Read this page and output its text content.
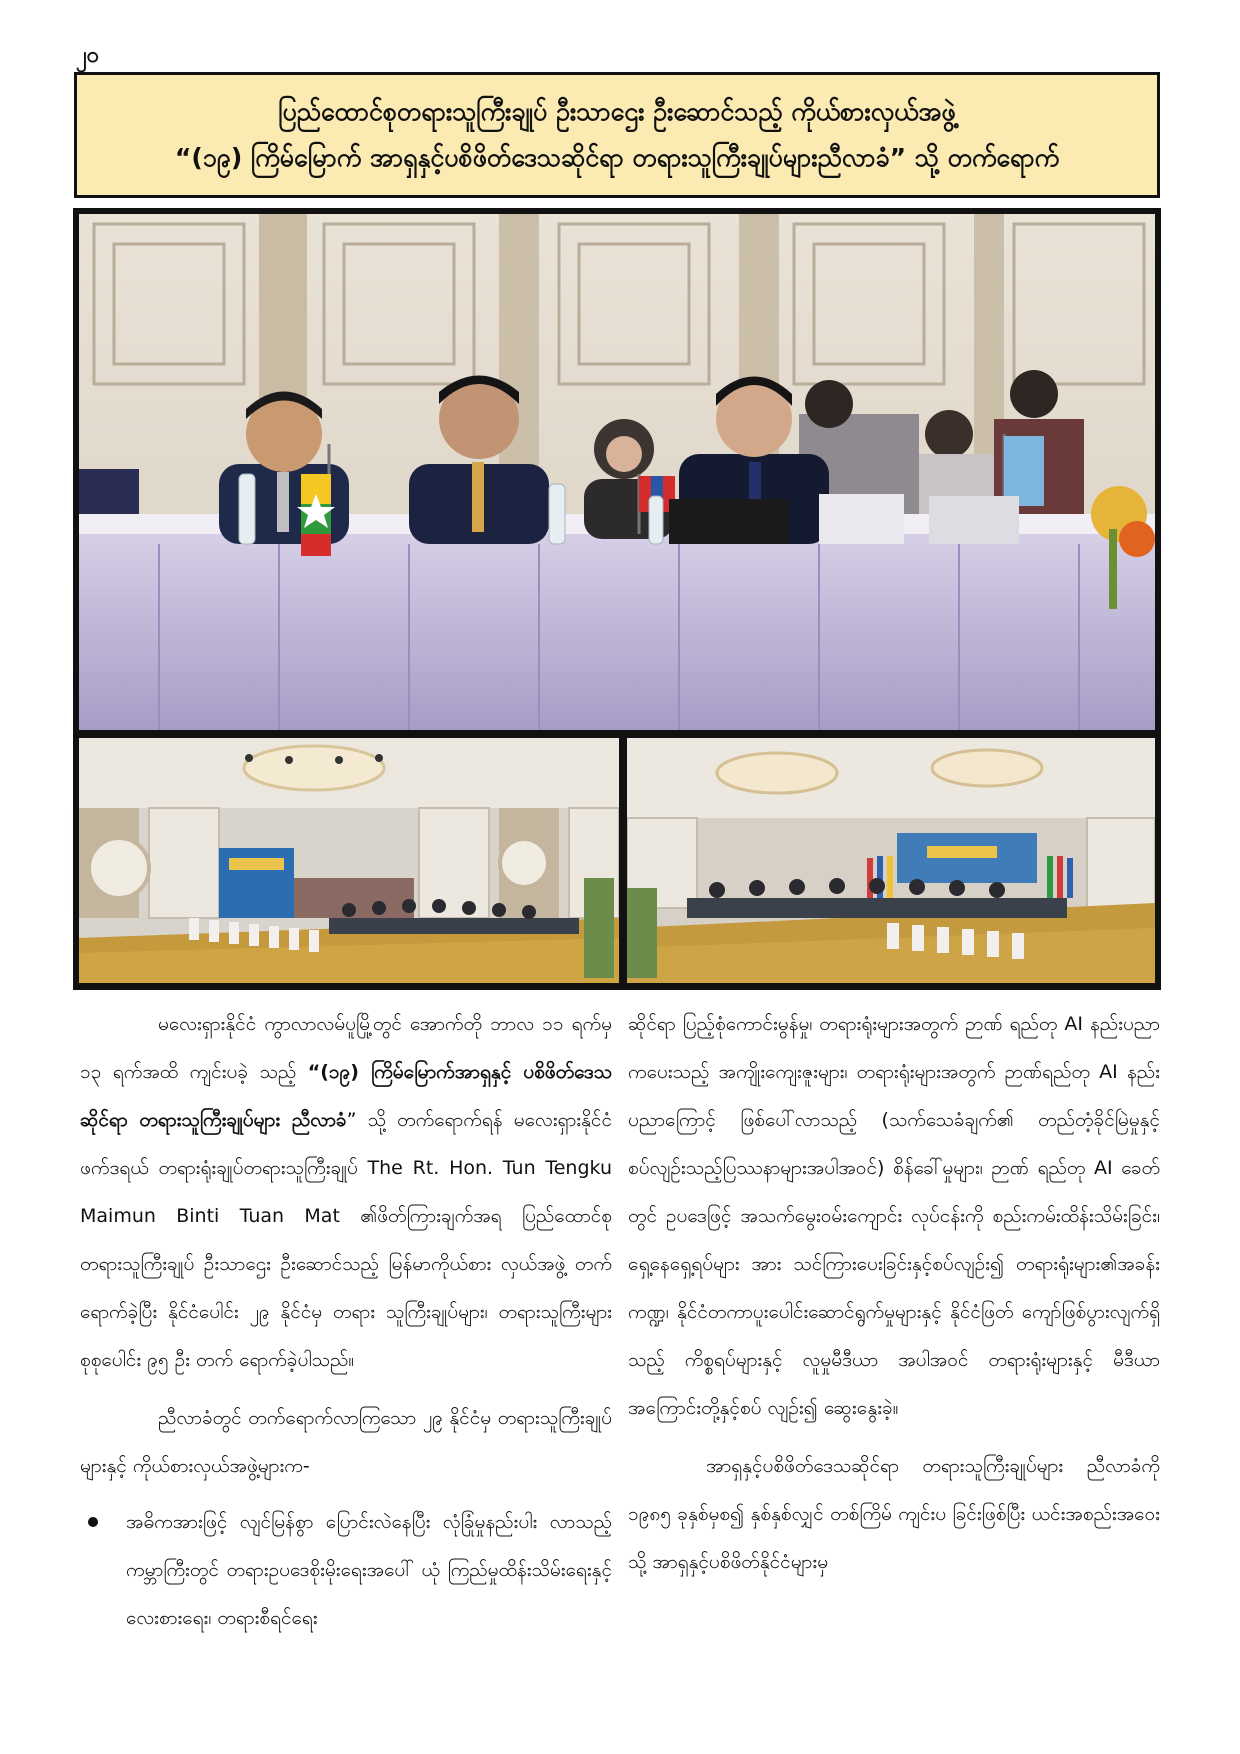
၂၀
ပြည်ထောင်စုတရားသူကြီးချုပ် ဦးသာဌေး ဦးဆောင်သည့် ကိုယ်စားလှယ်အဖွဲ့
“(၁၉) ကြိမ်မြောက် အာရှနှင့်ပစိဖိတ်ဒေသဆိုင်ရာ တရားသူကြီးချုပ်များညီလာခံ” သို့ တက်ရောက်

မလေးရှားနိုင်ငံ ကွာလာလမ်ပူမြို့တွင် အောက်တို ဘာလ ၁၁ ရက်မှ ၁၃ ရက်အထိ ကျင်းပခဲ့ သည့် “(၁၉) ကြိမ်မြောက်အာရှနှင့် ပစိဖိတ်ဒေသဆိုင်ရာ တရားသူကြီးချုပ်များ ညီလာခံ” သို့ တက်ရောက်ရန် မလေးရှားနိုင်ငံ ဖက်ဒရယ် တရားရုံးချုပ်တရားသူကြီးချုပ် The Rt. Hon. Tun Tengku Maimun Binti Tuan Mat ၏ဖိတ်ကြားချက်အရ ပြည်ထောင်စု တရားသူကြီးချုပ် ဦးသာဌေး ဦးဆောင်သည့် မြန်မာကိုယ်စား လှယ်အဖွဲ့ တက်ရောက်ခဲ့ပြီး နိုင်ငံပေါင်း ၂၉ နိုင်ငံမှ တရား သူကြီးချုပ်များ၊ တရားသူကြီးများ စုစုပေါင်း ၉၅ ဦး တက် ရောက်ခဲ့ပါသည်။

ညီလာခံတွင် တက်ရောက်လာကြသော ၂၉ နိုင်ငံမှ တရားသူကြီးချုပ်များနှင့် ကိုယ်စားလှယ်အဖွဲ့များက-

အဓိကအားဖြင့် လျင်မြန်စွာ ပြောင်းလဲနေပြီး လုံခြုံမှုနည်းပါး လာသည့် ကမ္ဘာကြီးတွင် တရားဥပဒေစိုးမိုးရေးအပေါ် ယုံ ကြည်မှုထိန်းသိမ်းရေးနှင့် လေးစားရေး၊ တရားစီရင်ရေး

ဆိုင်ရာ ပြည့်စုံကောင်းမွန်မှု၊ တရားရုံးများအတွက် ဉာဏ် ရည်တု AI နည်းပညာကပေးသည့် အကျိုးကျေးဇူးများ၊ တရားရုံးများအတွက် ဉာဏ်ရည်တု AI နည်းပညာကြောင့် ဖြစ်ပေါ်လာသည့် (သက်သေခံချက်၏ တည်တံ့ခိုင်မြဲမှုနှင့် စပ်လျဉ်းသည့်ပြဿနာများအပါအဝင်) စိန်ခေါ်မှုများ၊ ဉာဏ် ရည်တု AI ခေတ်တွင် ဥပဒေဖြင့် အသက်မွေးဝမ်းကျောင်း လုပ်ငန်းကို စည်းကမ်းထိန်းသိမ်းခြင်း၊ ရှေ့နေရှေ့ရပ်များ အား သင်ကြားပေးခြင်းနှင့်စပ်လျဉ်း၍ တရားရုံးများ၏အခန်း ကဏ္ဍ၊ နိုင်ငံတကာပူးပေါင်းဆောင်ရွက်မှုများနှင့် နိုင်ငံဖြတ် ကျော်ဖြစ်ပွားလျက်ရှိသည့် ကိစ္စရပ်များနှင့် လူမှုမီဒီယာ အပါအဝင် တရားရုံးများနှင့် မီဒီယာအကြောင်းတို့နှင့်စပ် လျဉ်း၍ ဆွေးနွေးခဲ့။

အာရှနှင့်ပစိဖိတ်ဒေသဆိုင်ရာ တရားသူကြီးချုပ်များ ညီလာခံကို ၁၉၈၅ ခုနှစ်မှစ၍ နှစ်နှစ်လျှင် တစ်ကြိမ် ကျင်းပ ခြင်းဖြစ်ပြီး ယင်းအစည်းအဝေးသို့ အာရှနှင့်ပစိဖိတ်နိုင်ငံများမှ
